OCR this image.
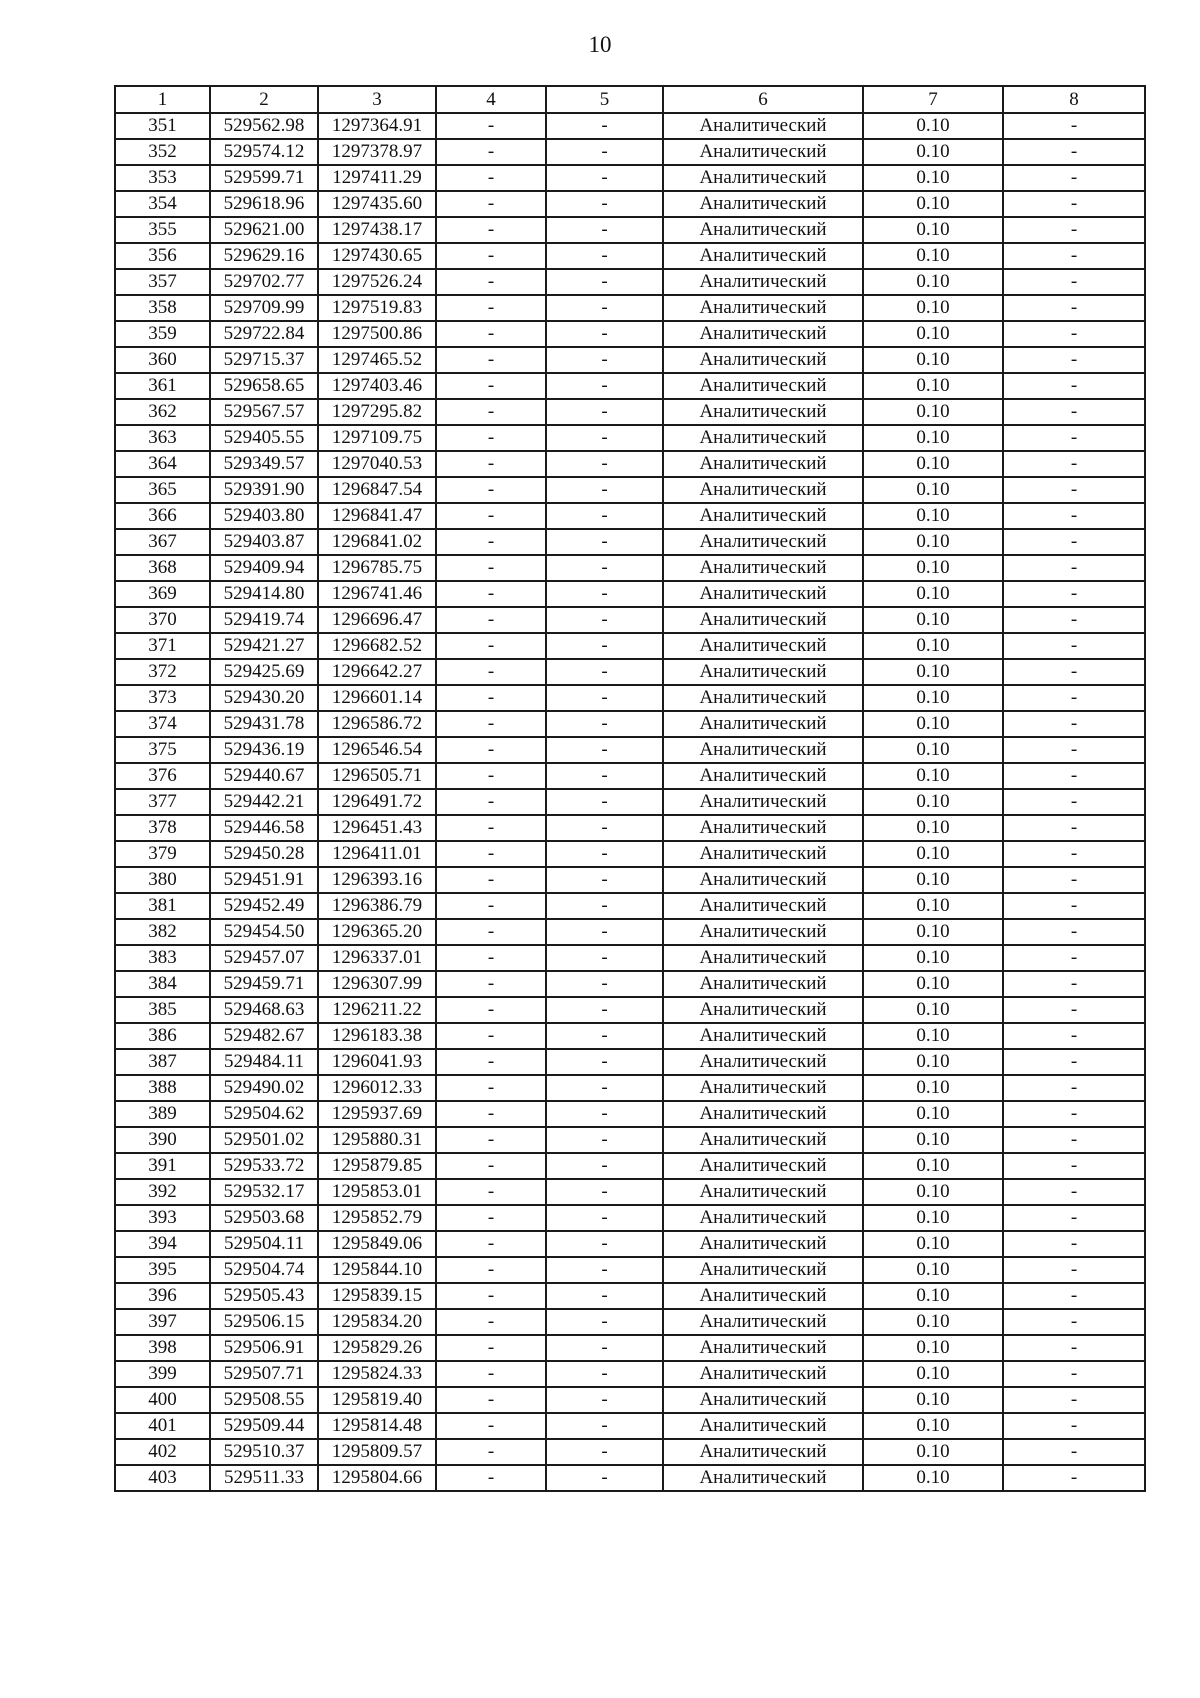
10
1	2	3	4	5	6	7	8
351	529562.98	1297364.91	-	-	Аналитический	0.10	-
352	529574.12	1297378.97	-	-	Аналитический	0.10	-
353	529599.71	1297411.29	-	-	Аналитический	0.10	-
354	529618.96	1297435.60	-	-	Аналитический	0.10	-
355	529621.00	1297438.17	-	-	Аналитический	0.10	-
356	529629.16	1297430.65	-	-	Аналитический	0.10	-
357	529702.77	1297526.24	-	-	Аналитический	0.10	-
358	529709.99	1297519.83	-	-	Аналитический	0.10	-
359	529722.84	1297500.86	-	-	Аналитический	0.10	-
360	529715.37	1297465.52	-	-	Аналитический	0.10	-
361	529658.65	1297403.46	-	-	Аналитический	0.10	-
362	529567.57	1297295.82	-	-	Аналитический	0.10	-
363	529405.55	1297109.75	-	-	Аналитический	0.10	-
364	529349.57	1297040.53	-	-	Аналитический	0.10	-
365	529391.90	1296847.54	-	-	Аналитический	0.10	-
366	529403.80	1296841.47	-	-	Аналитический	0.10	-
367	529403.87	1296841.02	-	-	Аналитический	0.10	-
368	529409.94	1296785.75	-	-	Аналитический	0.10	-
369	529414.80	1296741.46	-	-	Аналитический	0.10	-
370	529419.74	1296696.47	-	-	Аналитический	0.10	-
371	529421.27	1296682.52	-	-	Аналитический	0.10	-
372	529425.69	1296642.27	-	-	Аналитический	0.10	-
373	529430.20	1296601.14	-	-	Аналитический	0.10	-
374	529431.78	1296586.72	-	-	Аналитический	0.10	-
375	529436.19	1296546.54	-	-	Аналитический	0.10	-
376	529440.67	1296505.71	-	-	Аналитический	0.10	-
377	529442.21	1296491.72	-	-	Аналитический	0.10	-
378	529446.58	1296451.43	-	-	Аналитический	0.10	-
379	529450.28	1296411.01	-	-	Аналитический	0.10	-
380	529451.91	1296393.16	-	-	Аналитический	0.10	-
381	529452.49	1296386.79	-	-	Аналитический	0.10	-
382	529454.50	1296365.20	-	-	Аналитический	0.10	-
383	529457.07	1296337.01	-	-	Аналитический	0.10	-
384	529459.71	1296307.99	-	-	Аналитический	0.10	-
385	529468.63	1296211.22	-	-	Аналитический	0.10	-
386	529482.67	1296183.38	-	-	Аналитический	0.10	-
387	529484.11	1296041.93	-	-	Аналитический	0.10	-
388	529490.02	1296012.33	-	-	Аналитический	0.10	-
389	529504.62	1295937.69	-	-	Аналитический	0.10	-
390	529501.02	1295880.31	-	-	Аналитический	0.10	-
391	529533.72	1295879.85	-	-	Аналитический	0.10	-
392	529532.17	1295853.01	-	-	Аналитический	0.10	-
393	529503.68	1295852.79	-	-	Аналитический	0.10	-
394	529504.11	1295849.06	-	-	Аналитический	0.10	-
395	529504.74	1295844.10	-	-	Аналитический	0.10	-
396	529505.43	1295839.15	-	-	Аналитический	0.10	-
397	529506.15	1295834.20	-	-	Аналитический	0.10	-
398	529506.91	1295829.26	-	-	Аналитический	0.10	-
399	529507.71	1295824.33	-	-	Аналитический	0.10	-
400	529508.55	1295819.40	-	-	Аналитический	0.10	-
401	529509.44	1295814.48	-	-	Аналитический	0.10	-
402	529510.37	1295809.57	-	-	Аналитический	0.10	-
403	529511.33	1295804.66	-	-	Аналитический	0.10	-
